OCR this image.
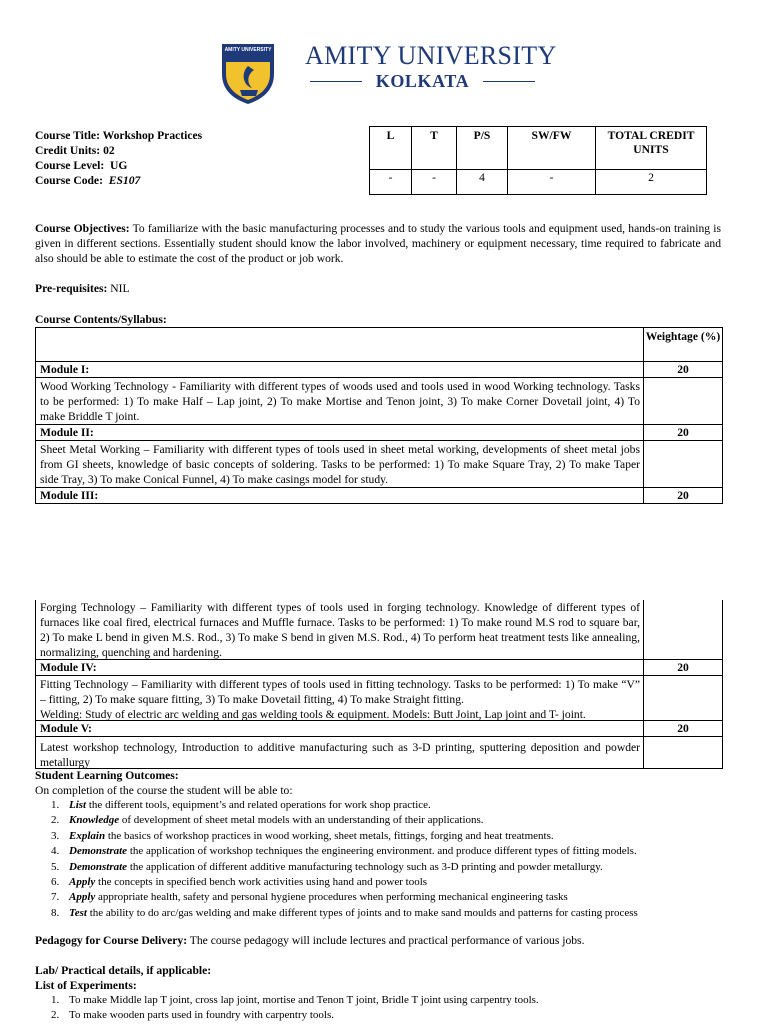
AMITY UNIVERSITY AMITY UNIVERSITY
KOLKATA
Course Title: Workshop Practices
Credit Units: 02
Course Level: UG
Course Code: ES107
L	T	P/S	SW/FW	TOTAL CREDIT UNITS
-	-	4	-	2
Course Objectives: To familiarize with the basic manufacturing processes and to study the various tools and equipment used, hands-on training is given in different sections. Essentially student should know the labor involved, machinery or equipment necessary, time required to fabricate and also should be able to estimate the cost of the product or job work.
Pre-requisites: NIL
Course Contents/Syllabus:
Weightage (%)
Module I:	20
Wood Working Technology - Familiarity with different types of woods used and tools used in wood Working technology. Tasks to be performed: 1) To make Half – Lap joint, 2) To make Mortise and Tenon joint, 3) To make Corner Dovetail joint, 4) To make Briddle T joint.
Module II:	20
Sheet Metal Working – Familiarity with different types of tools used in sheet metal working, developments of sheet metal jobs from GI sheets, knowledge of basic concepts of soldering. Tasks to be performed: 1) To make Square Tray, 2) To make Taper side Tray, 3) To make Conical Funnel, 4) To make casings model for study.
Module III:	20
Forging Technology – Familiarity with different types of tools used in forging technology. Knowledge of different types of furnaces like coal fired, electrical furnaces and Muffle furnace. Tasks to be performed: 1) To make round M.S rod to square bar, 2) To make L bend in given M.S. Rod., 3) To make S bend in given M.S. Rod., 4) To perform heat treatment tests like annealing, normalizing, quenching and hardening.
Module IV:	20
Fitting Technology – Familiarity with different types of tools used in fitting technology. Tasks to be performed: 1) To make “V” – fitting, 2) To make square fitting, 3) To make Dovetail fitting, 4) To make Straight fitting.
Welding: Study of electric arc welding and gas welding tools & equipment. Models: Butt Joint, Lap joint and T- joint.
Module V:	20
Latest workshop technology, Introduction to additive manufacturing such as 3-D printing, sputtering deposition and powder metallurgy
Student Learning Outcomes:
On completion of the course the student will be able to:
1. List the different tools, equipment’s and related operations for work shop practice.
2. Knowledge of development of sheet metal models with an understanding of their applications.
3. Explain the basics of workshop practices in wood working, sheet metals, fittings, forging and heat treatments.
4. Demonstrate the application of workshop techniques the engineering environment. and produce different types of fitting models.
5. Demonstrate the application of different additive manufacturing technology such as 3-D printing and powder metallurgy.
6. Apply the concepts in specified bench work activities using hand and power tools
7. Apply appropriate health, safety and personal hygiene procedures when performing mechanical engineering tasks
8. Test the ability to do arc/gas welding and make different types of joints and to make sand moulds and patterns for casting process
Pedagogy for Course Delivery: The course pedagogy will include lectures and practical performance of various jobs.
Lab/ Practical details, if applicable:
List of Experiments:
1. To make Middle lap T joint, cross lap joint, mortise and Tenon T joint, Bridle T joint using carpentry tools.
2. To make wooden parts used in foundry with carpentry tools.
